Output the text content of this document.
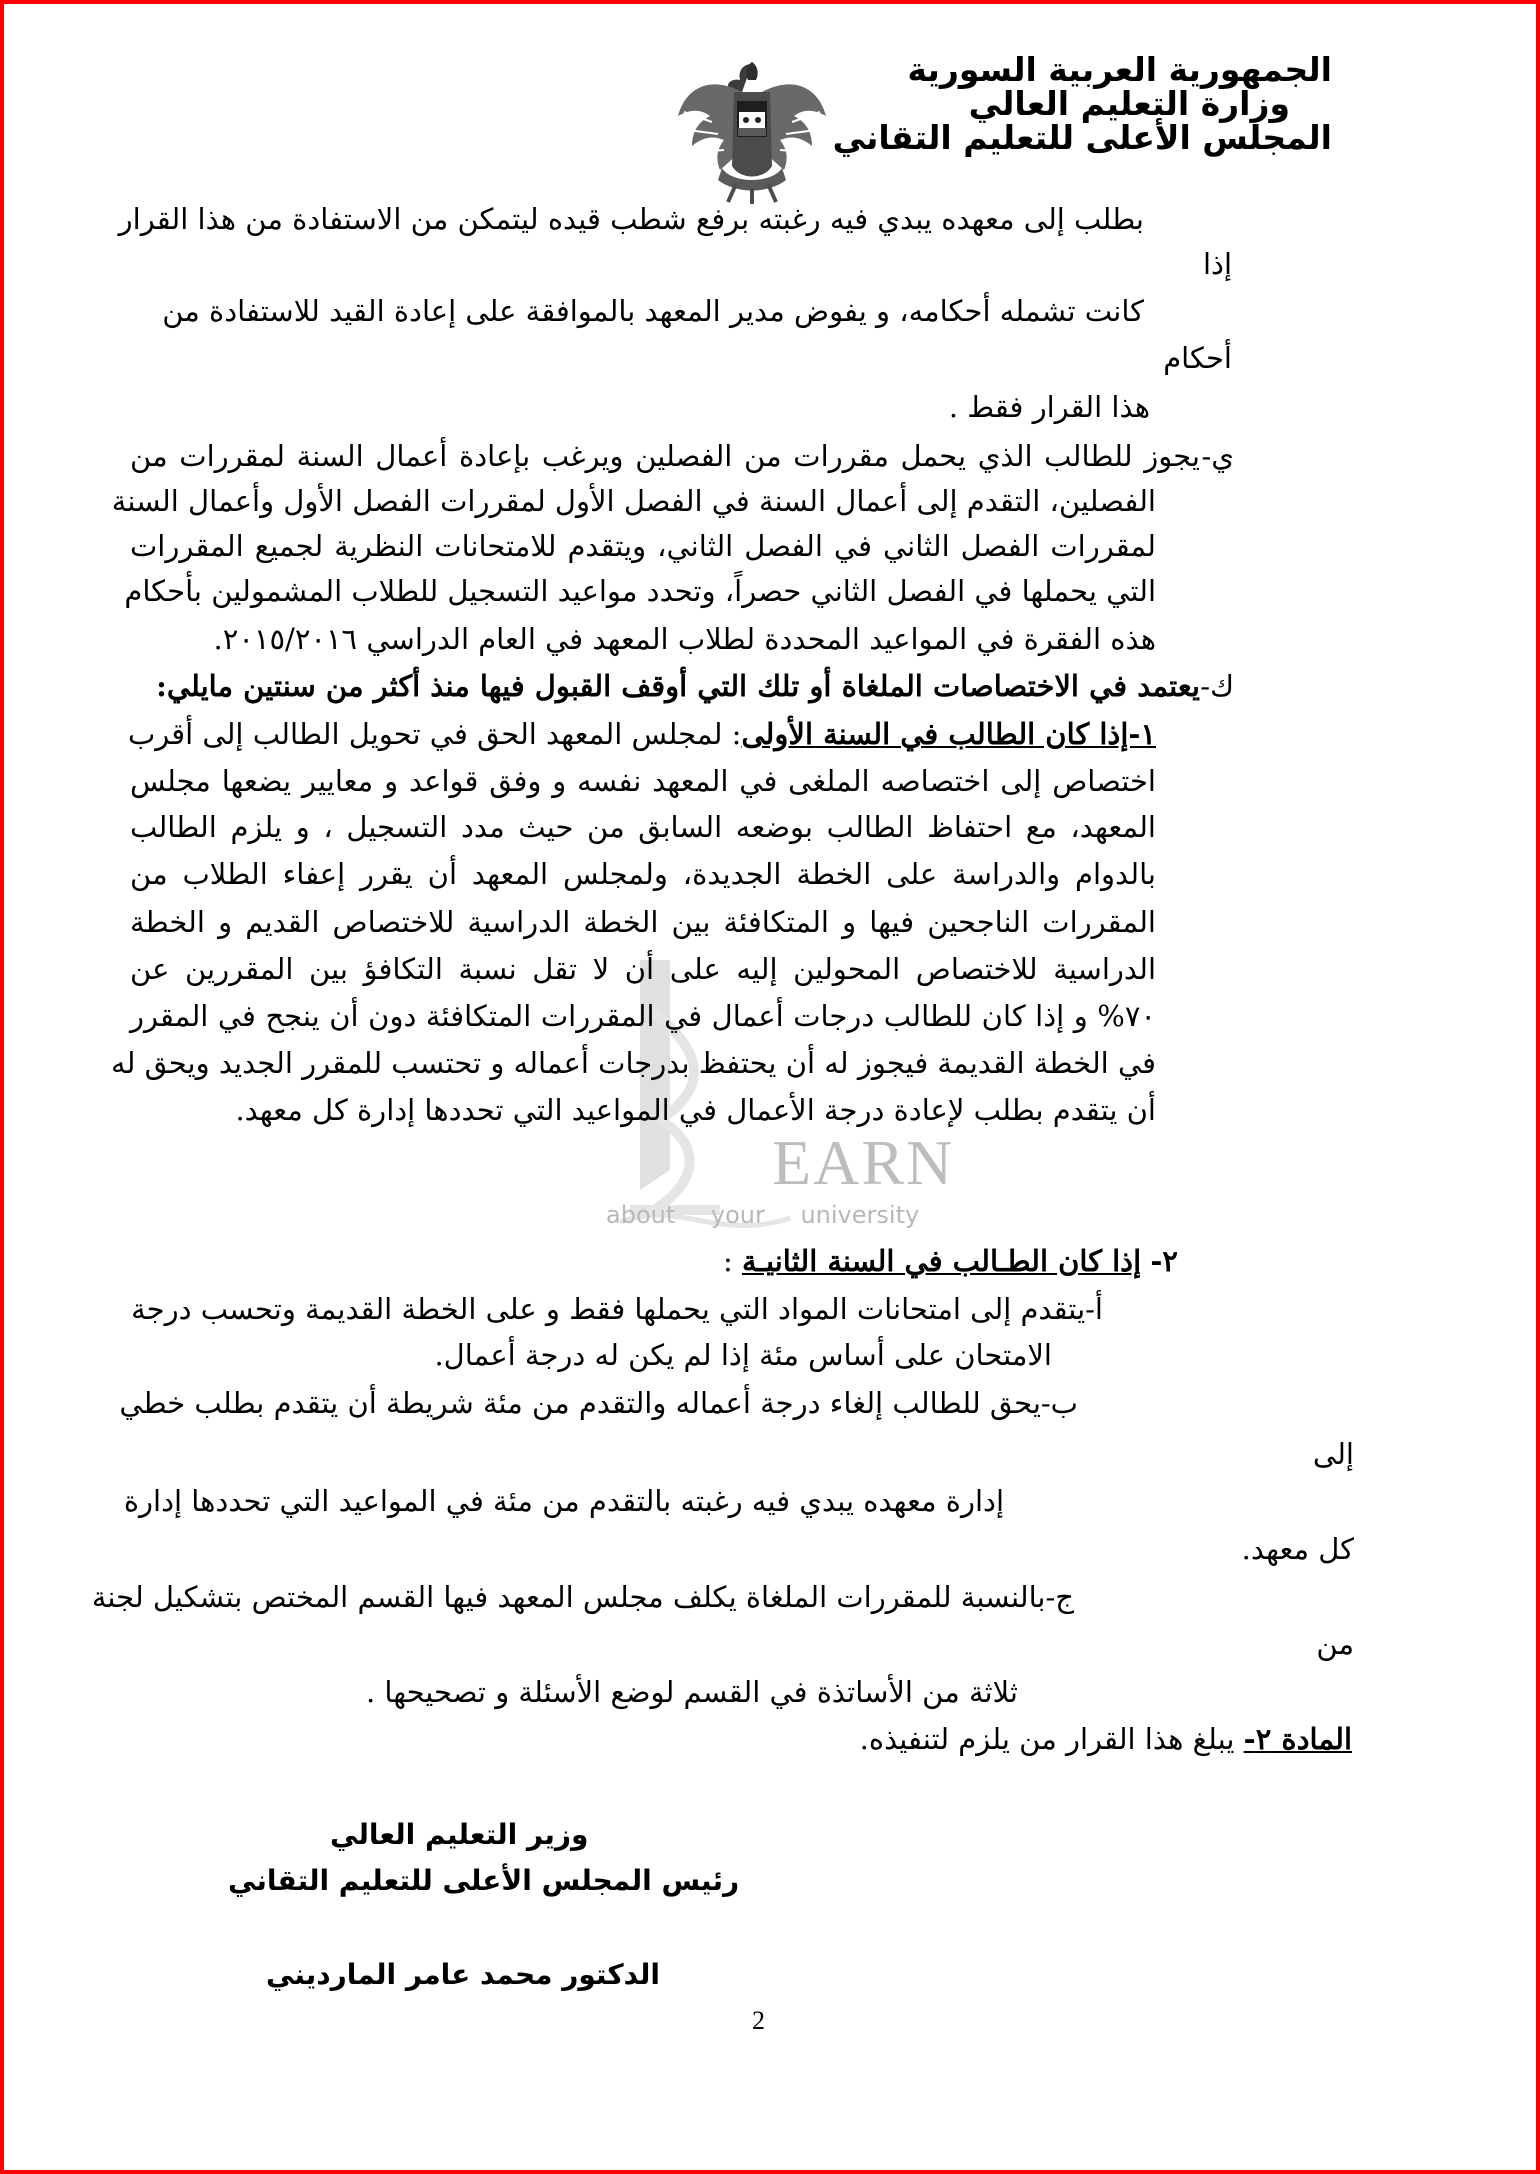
الجمهورية العربية السورية
وزارة التعليم العالي
المجلس الأعلى للتعليم التقاني
EARN
about your university
بطلب إلى معهده يبدي فيه رغبته برفع شطب قيده ليتمكن من الاستفادة من هذا القرار
إذا
كانت تشمله أحكامه، و يفوض مدير المعهد بالموافقة على إعادة القيد للاستفادة من
أحكام
هذا القرار فقط .
ي-
يجوز للطالب الذي يحمل مقررات من الفصلين ويرغب بإعادة أعمال السنة لمقررات من
الفصلين، التقدم إلى أعمال السنة في الفصل الأول لمقررات الفصل الأول وأعمال السنة
لمقررات الفصل الثاني في الفصل الثاني، ويتقدم للامتحانات النظرية لجميع المقررات
التي يحملها في الفصل الثاني حصراً، وتحدد مواعيد التسجيل للطلاب المشمولين بأحكام
هذه الفقرة في المواعيد المحددة لطلاب المعهد في العام الدراسي ٢٠١٥/٢٠١٦.
ك-
يعتمد في الاختصاصات الملغاة أو تلك التي أوقف القبول فيها منذ أكثر من سنتين مايلي:
١-إذا كان الطالب في السنة الأولى
: لمجلس المعهد الحق في تحويل الطالب إلى أقرب
اختصاص إلى اختصاصه الملغى في المعهد نفسه و وفق قواعد و معايير يضعها مجلس
المعهد، مع احتفاظ الطالب بوضعه السابق من حيث مدد التسجيل ، و يلزم الطالب
بالدوام والدراسة على الخطة الجديدة، ولمجلس المعهد أن يقرر إعفاء الطلاب من
المقررات الناجحين فيها و المتكافئة بين الخطة الدراسية للاختصاص القديم و الخطة
الدراسية للاختصاص المحولين إليه على أن لا تقل نسبة التكافؤ بين المقررين عن
٧٠% و إذا كان للطالب درجات أعمال في المقررات المتكافئة دون أن ينجح في المقرر
في الخطة القديمة فيجوز له أن يحتفظ بدرجات أعماله و تحتسب للمقرر الجديد ويحق له
أن يتقدم بطلب لإعادة درجة الأعمال في المواعيد التي تحددها إدارة كل معهد.
٢- إذا كان الطـالب في السنة الثانيـة :
أ-يتقدم إلى امتحانات المواد التي يحملها فقط و على الخطة القديمة وتحسب درجة
الامتحان على أساس مئة إذا لم يكن له درجة أعمال.
ب-يحق للطالب إلغاء درجة أعماله والتقدم من مئة شريطة أن يتقدم بطلب خطي
إلى
إدارة معهده يبدي فيه رغبته بالتقدم من مئة في المواعيد التي تحددها إدارة
كل معهد.
ج-بالنسبة للمقررات الملغاة يكلف مجلس المعهد فيها القسم المختص بتشكيل لجنة
من
ثلاثة من الأساتذة في القسم لوضع الأسئلة و تصحيحها .
المادة ٢- يبلغ هذا القرار من يلزم لتنفيذه.
وزير التعليم العالي
رئيس المجلس الأعلى للتعليم التقاني
الدكتور محمد عامر المارديني
2
